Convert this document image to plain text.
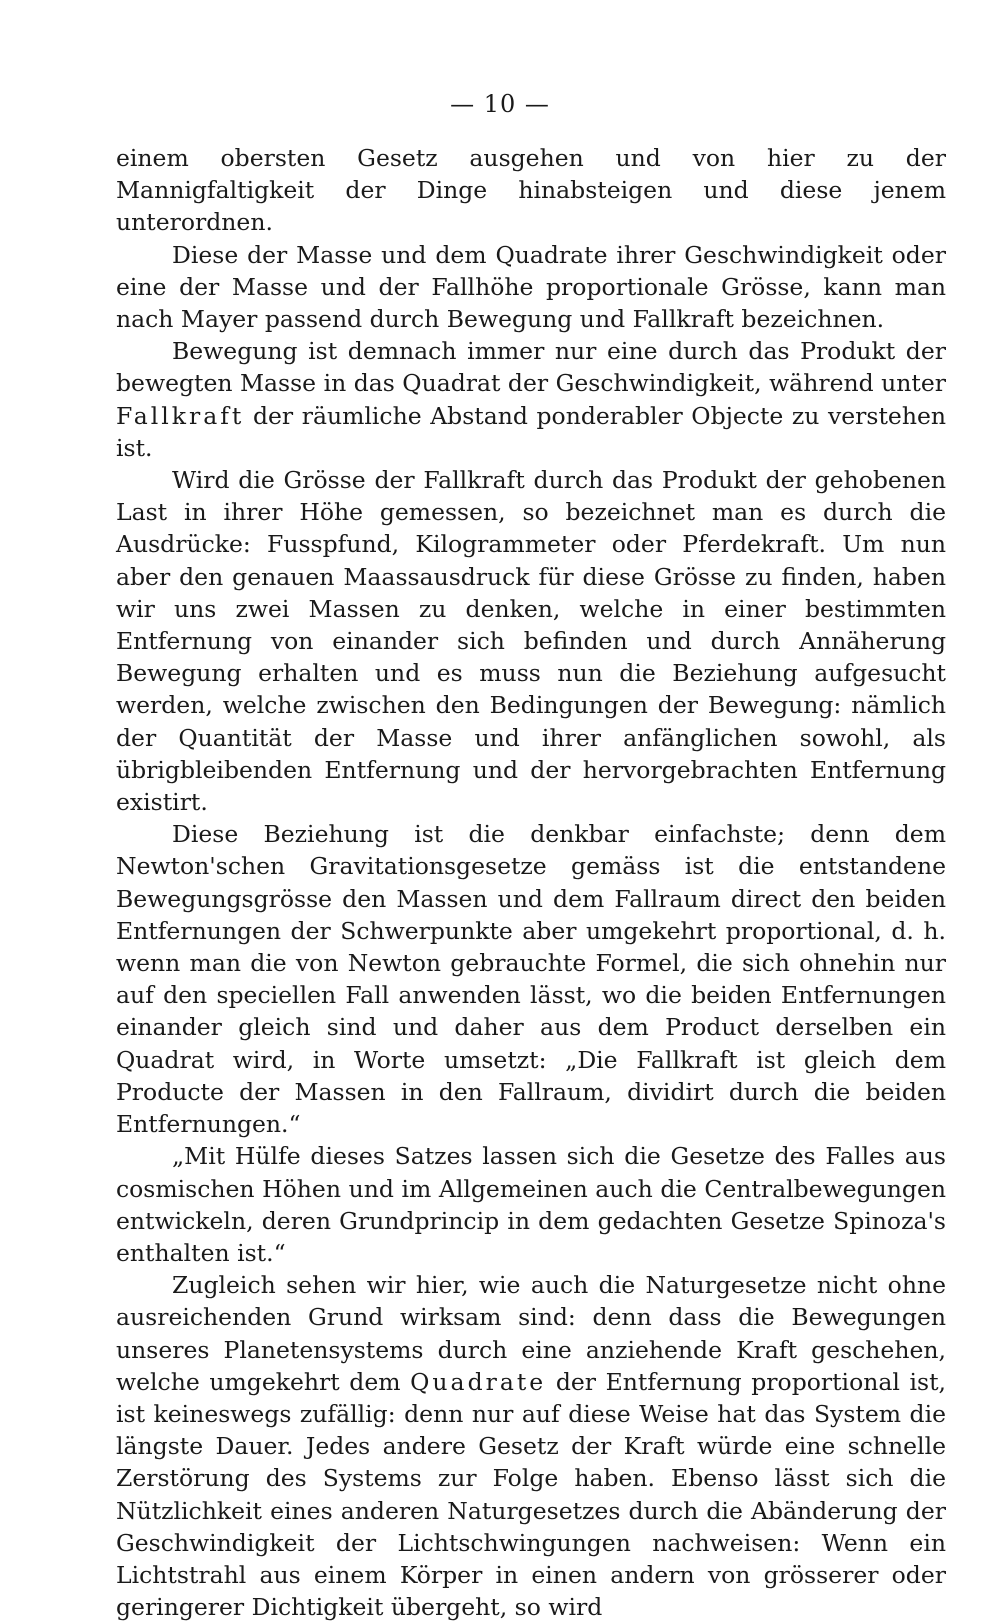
— 10 —

einem obersten Gesetz ausgehen und von hier zu der Mannigfaltigkeit der Dinge hinabsteigen und diese jenem unterordnen.

Diese der Masse und dem Quadrate ihrer Geschwindigkeit oder eine der Masse und der Fallhöhe proportionale Grösse, kann man nach Mayer passend durch Bewegung und Fallkraft bezeichnen.

Bewegung ist demnach immer nur eine durch das Produkt der bewegten Masse in das Quadrat der Geschwindigkeit, während unter Fallkraft der räumliche Abstand ponderabler Objecte zu verstehen ist.

Wird die Grösse der Fallkraft durch das Produkt der gehobenen Last in ihrer Höhe gemessen, so bezeichnet man es durch die Ausdrücke: Fusspfund, Kilogrammeter oder Pferdekraft. Um nun aber den genauen Maassausdruck für diese Grösse zu finden, haben wir uns zwei Massen zu denken, welche in einer bestimmten Entfernung von einander sich befinden und durch Annäherung Bewegung erhalten und es muss nun die Beziehung aufgesucht werden, welche zwischen den Bedingungen der Bewegung: nämlich der Quantität der Masse und ihrer anfänglichen sowohl, als übrigbleibenden Entfernung und der hervorgebrachten Entfernung existirt.

Diese Beziehung ist die denkbar einfachste; denn dem Newton'schen Gravitationsgesetze gemäss ist die entstandene Bewegungsgrösse den Massen und dem Fallraum direct den beiden Entfernungen der Schwerpunkte aber umgekehrt proportional, d. h. wenn man die von Newton gebrauchte Formel, die sich ohnehin nur auf den speciellen Fall anwenden lässt, wo die beiden Entfernungen einander gleich sind und daher aus dem Product derselben ein Quadrat wird, in Worte umsetzt: „Die Fallkraft ist gleich dem Producte der Massen in den Fallraum, dividirt durch die beiden Entfernungen.“

„Mit Hülfe dieses Satzes lassen sich die Gesetze des Falles aus cosmischen Höhen und im Allgemeinen auch die Centralbewegungen entwickeln, deren Grundprincip in dem gedachten Gesetze Spinoza's enthalten ist.“

Zugleich sehen wir hier, wie auch die Naturgesetze nicht ohne ausreichenden Grund wirksam sind: denn dass die Bewegungen unseres Planetensystems durch eine anziehende Kraft geschehen, welche umgekehrt dem Quadrate der Entfernung proportional ist, ist keineswegs zufällig: denn nur auf diese Weise hat das System die längste Dauer. Jedes andere Gesetz der Kraft würde eine schnelle Zerstörung des Systems zur Folge haben. Ebenso lässt sich die Nützlichkeit eines anderen Naturgesetzes durch die Abänderung der Geschwindigkeit der Lichtschwingungen nachweisen: Wenn ein Lichtstrahl aus einem Körper in einen andern von grösserer oder geringerer Dichtigkeit übergeht, so wird
